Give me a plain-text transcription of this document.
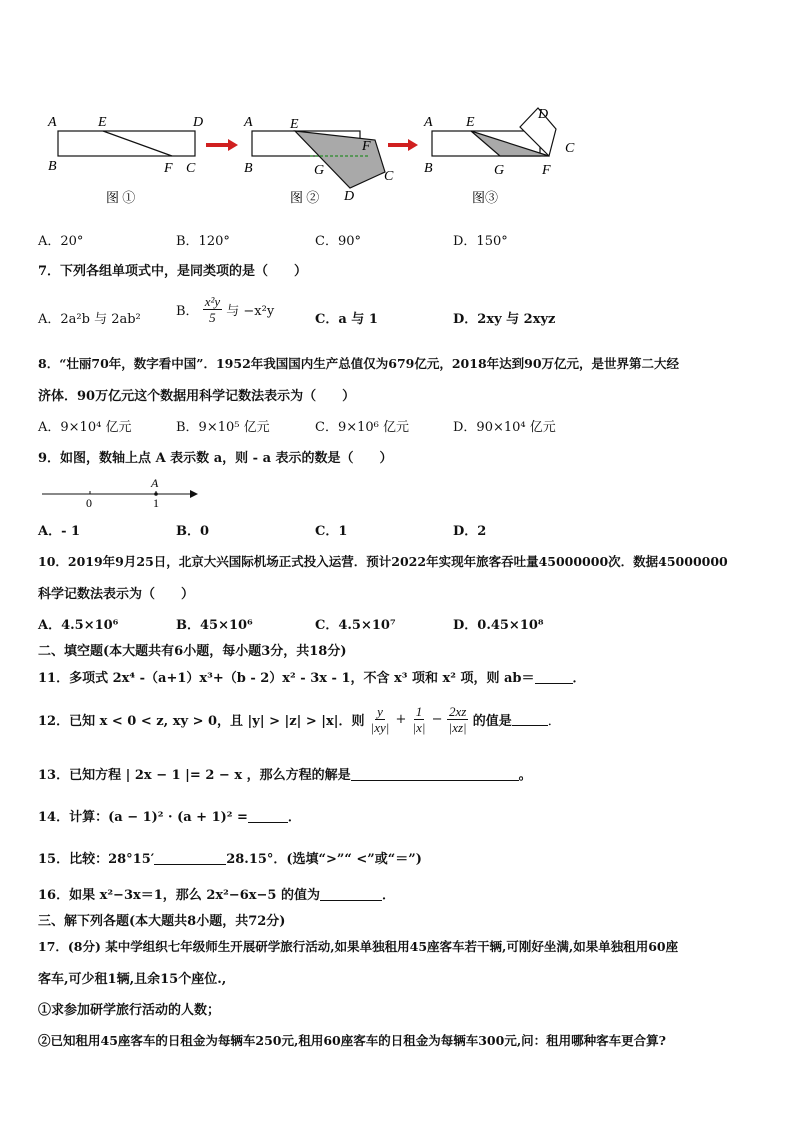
A	E	D
B	F C
图 ①
A	E
F
B	G	C
D
图 ②
A E
D
C
B	G	F
图③
A．20°	B．120°	C．90°	D．150°
7．下列各组单项式中，是同类项的是（　　）
A．2a²b 与 2ab²
B． $\frac{\text{x²y}}{5}$ 与 −x²y
C．a 与 1	D．2xy 与 2xyz
8．“壮丽70年，数字看中国”．1952年我国国内生产总值仅为679亿元，2018年达到90万亿元，是世界第二大经
济体．90万亿元这个数据用科学记数法表示为（　　）
A．9×10⁴ 亿元	B．9×10⁵ 亿元	C．9×10⁶ 亿元	D．90×10⁴ 亿元
9．如图，数轴上点 A 表示数 a，则 - a 表示的数是（　　）
A
0	1
A．- 1	B．0	C．1	D．2
10．2019年9月25日，北京大兴国际机场正式投入运营．预计2022年实现年旅客吞吐量45000000次．数据45000000
科学记数法表示为（　　）
A．4.5×10⁶	B．45×10⁶	C．4.5×10⁷	D．0.45×10⁸
二、填空题(本大题共有6小题，每小题3分，共18分)
11．多项式 2x⁴ -（a+1）x³+（b - 2）x² - 3x - 1，不含 x³ 项和 x² 项，则 ab＝	．
12．已知 x < 0 < z, xy > 0，且 |y| > |z| > |x|．则 $\frac{y}{|xy|} + \frac{1}{|x|} - \frac{2xz}{|xz|}$ 的值是	．
13．已知方程 | 2x − 1 |= 2 − x ，那么方程的解是	。
14．计算：(a − 1)² · (a + 1)² =	．
15．比较：28°15′	28.15°．(选填“>”“ <”或“＝”)
16．如果 x²−3x＝1，那么 2x²−6x−5 的值为	．
三、解下列各题(本大题共8小题，共72分)
17．(8分) 某中学组织七年级师生开展研学旅行活动,如果单独租用45座客车若干辆,可刚好坐满,如果单独租用60座
客车,可少租1辆,且余15个座位.,
①求参加研学旅行活动的人数；
②已知租用45座客车的日租金为每辆车250元,租用60座客车的日租金为每辆车300元,问：租用哪种客车更合算?
